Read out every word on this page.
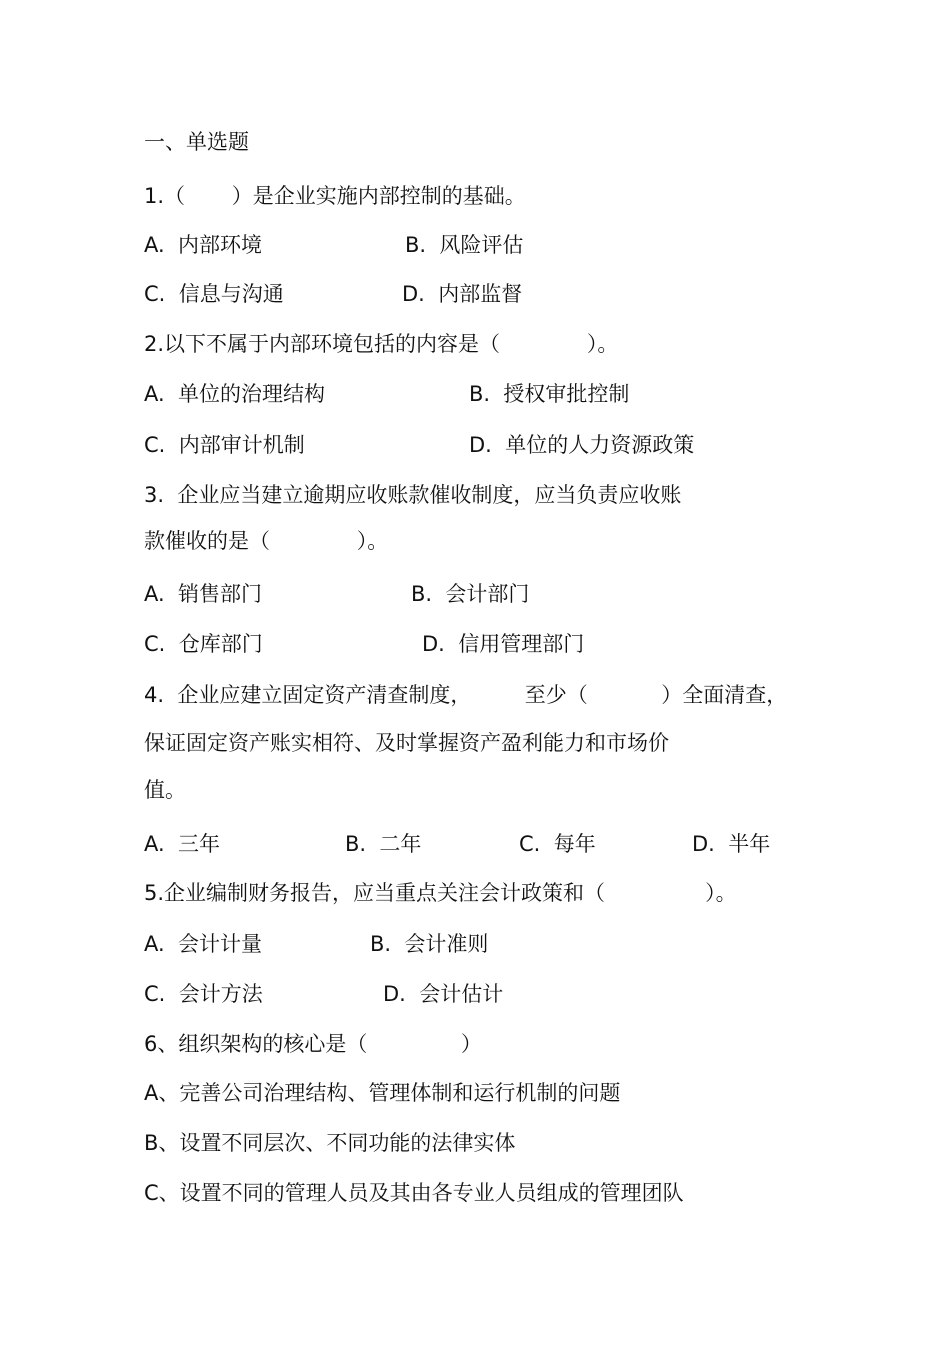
一、单选题
1.（       ）是企业实施内部控制的基础。
A.  内部环境	B.  风险评估
C.  信息与沟通	D.  内部监督
2.以下不属于内部环境包括的内容是（             ）。
A.  单位的治理结构	B.  授权审批控制
C.  内部审计机制	D.  单位的人力资源政策
3.  企业应当建立逾期应收账款催收制度，应当负责应收账
款催收的是（             ）。
A.  销售部门	B.  会计部门
C.  仓库部门	D.  信用管理部门
4.  企业应建立固定资产清查制度，        至少（           ）全面清查，
保证固定资产账实相符、及时掌握资产盈利能力和市场价
值。
A.  三年	B.  二年	C.  每年	D.  半年
5.企业编制财务报告，应当重点关注会计政策和（               ）。
A.  会计计量	B.  会计准则
C.  会计方法	D.  会计估计
6、组织架构的核心是（              ）
A、完善公司治理结构、管理体制和运行机制的问题
B、设置不同层次、不同功能的法律实体
C、设置不同的管理人员及其由各专业人员组成的管理团队
